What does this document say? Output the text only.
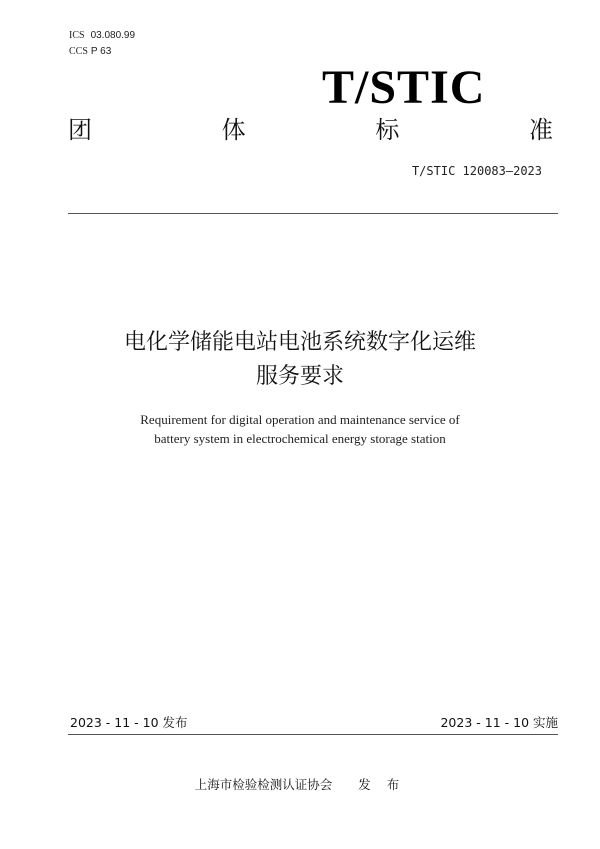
ICS 03.080.99
CCS P 63
T/STIC
团	体	标	准
T/STIC 120083—2023
电化学储能电站电池系统数字化运维
服务要求
Requirement for digital operation and maintenance service of
battery system in electrochemical energy storage station
2023 - 11 - 10 发布	2023 - 11 - 10 实施
上海市检验检测认证协会 发 布
